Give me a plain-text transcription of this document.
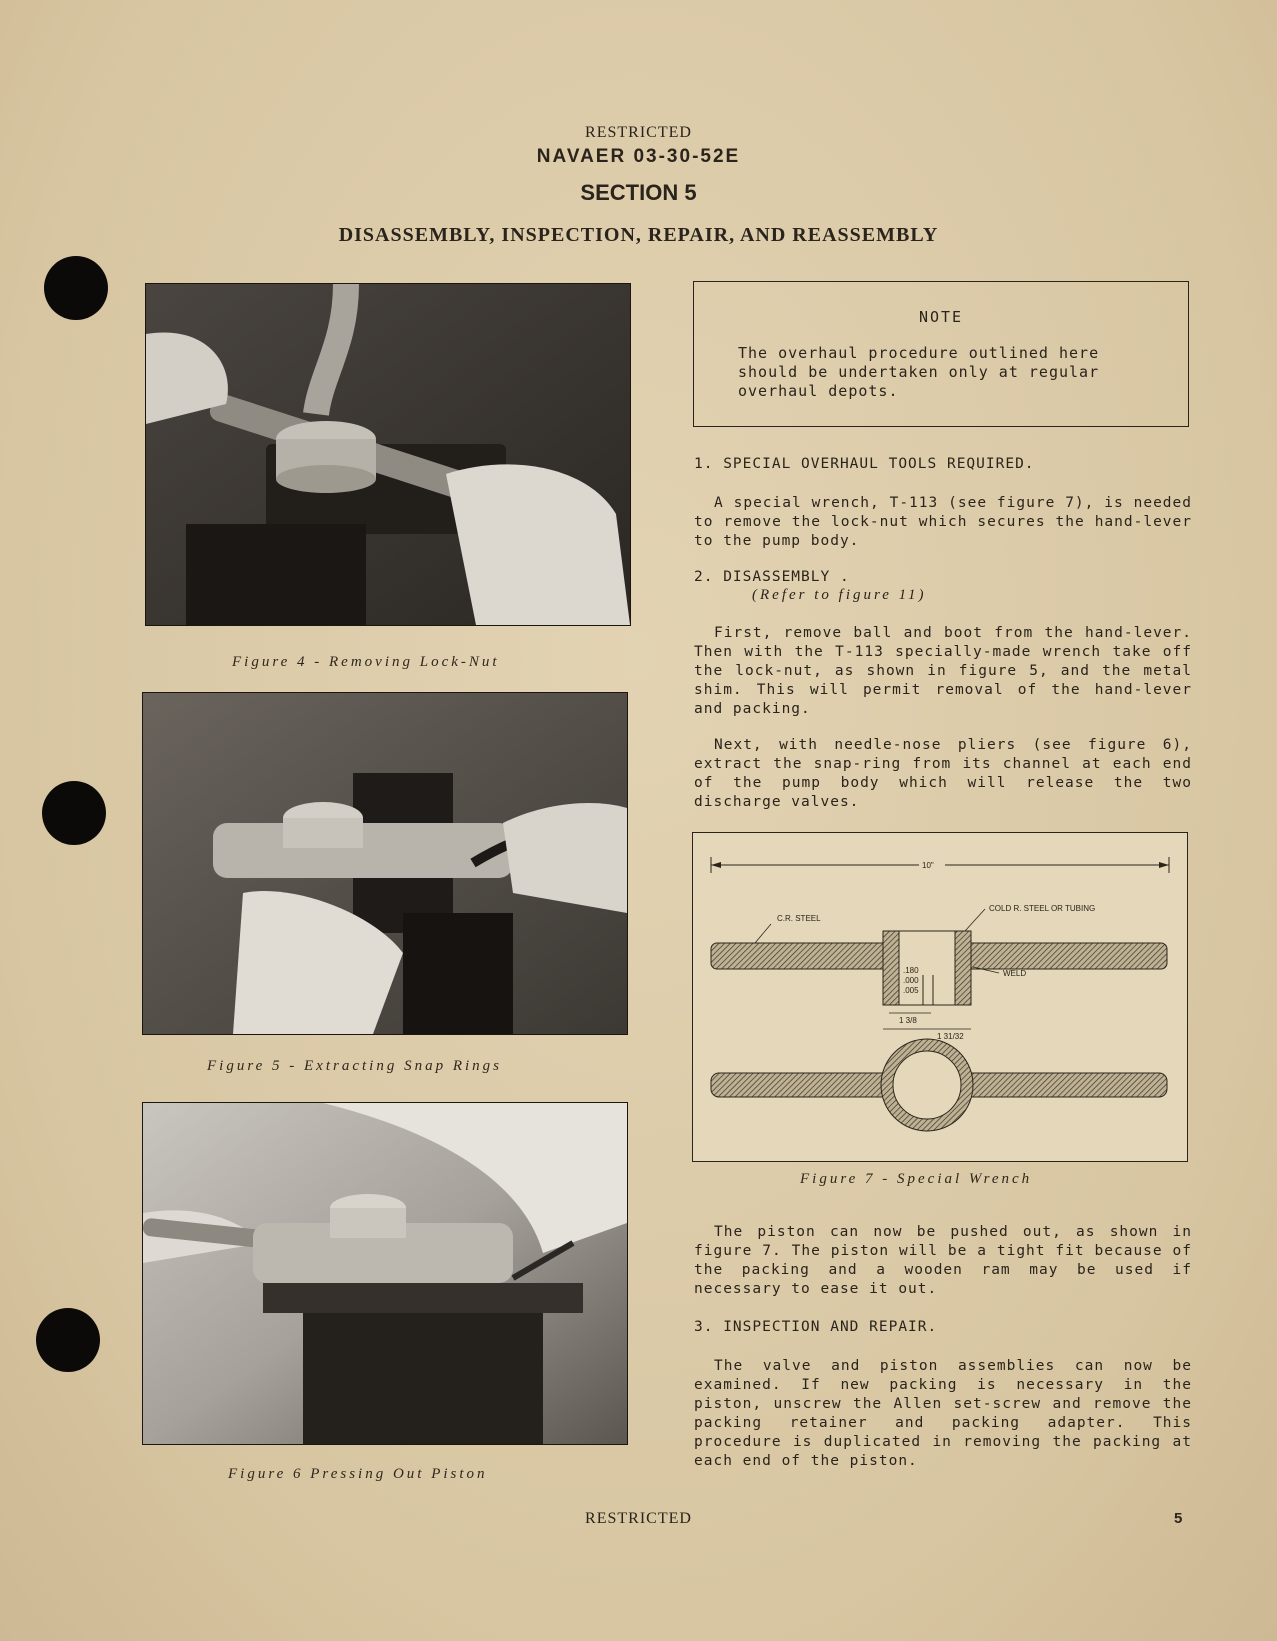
RESTRICTED
NAVAER 03-30-52E
SECTION 5
DISASSEMBLY, INSPECTION, REPAIR, AND REASSEMBLY
Figure 4 - Removing Lock-Nut
Figure 5 - Extracting Snap Rings
Figure 6 Pressing Out Piston
NOTE
The overhaul procedure outlined here should be undertaken only at regular overhaul depots.
1. SPECIAL OVERHAUL TOOLS REQUIRED.
A special wrench, T-113 (see figure 7), is needed to remove the lock-nut which secures the hand-lever to the pump body.
2. DISASSEMBLY .
(Refer to figure 11)
First, remove ball and boot from the hand-lever. Then with the T-113 specially-made wrench take off the lock-nut, as shown in figure 5, and the metal shim. This will permit removal of the hand-lever and packing.
Next, with needle-nose pliers (see figure 6), extract the snap-ring from its channel at each end of the pump body which will release the two discharge valves.
10"
C.R. STEEL
COLD R. STEEL OR TUBING
WELD
.180
.000
.005
1 3/8
1 31/32
Figure 7 - Special Wrench
The piston can now be pushed out, as shown in figure 7. The piston will be a tight fit because of the packing and a wooden ram may be used if necessary to ease it out.
3. INSPECTION AND REPAIR.
The valve and piston assemblies can now be examined. If new packing is necessary in the piston, unscrew the Allen set-screw and remove the packing retainer and packing adapter. This procedure is duplicated in removing the packing at each end of the piston.
RESTRICTED	5
